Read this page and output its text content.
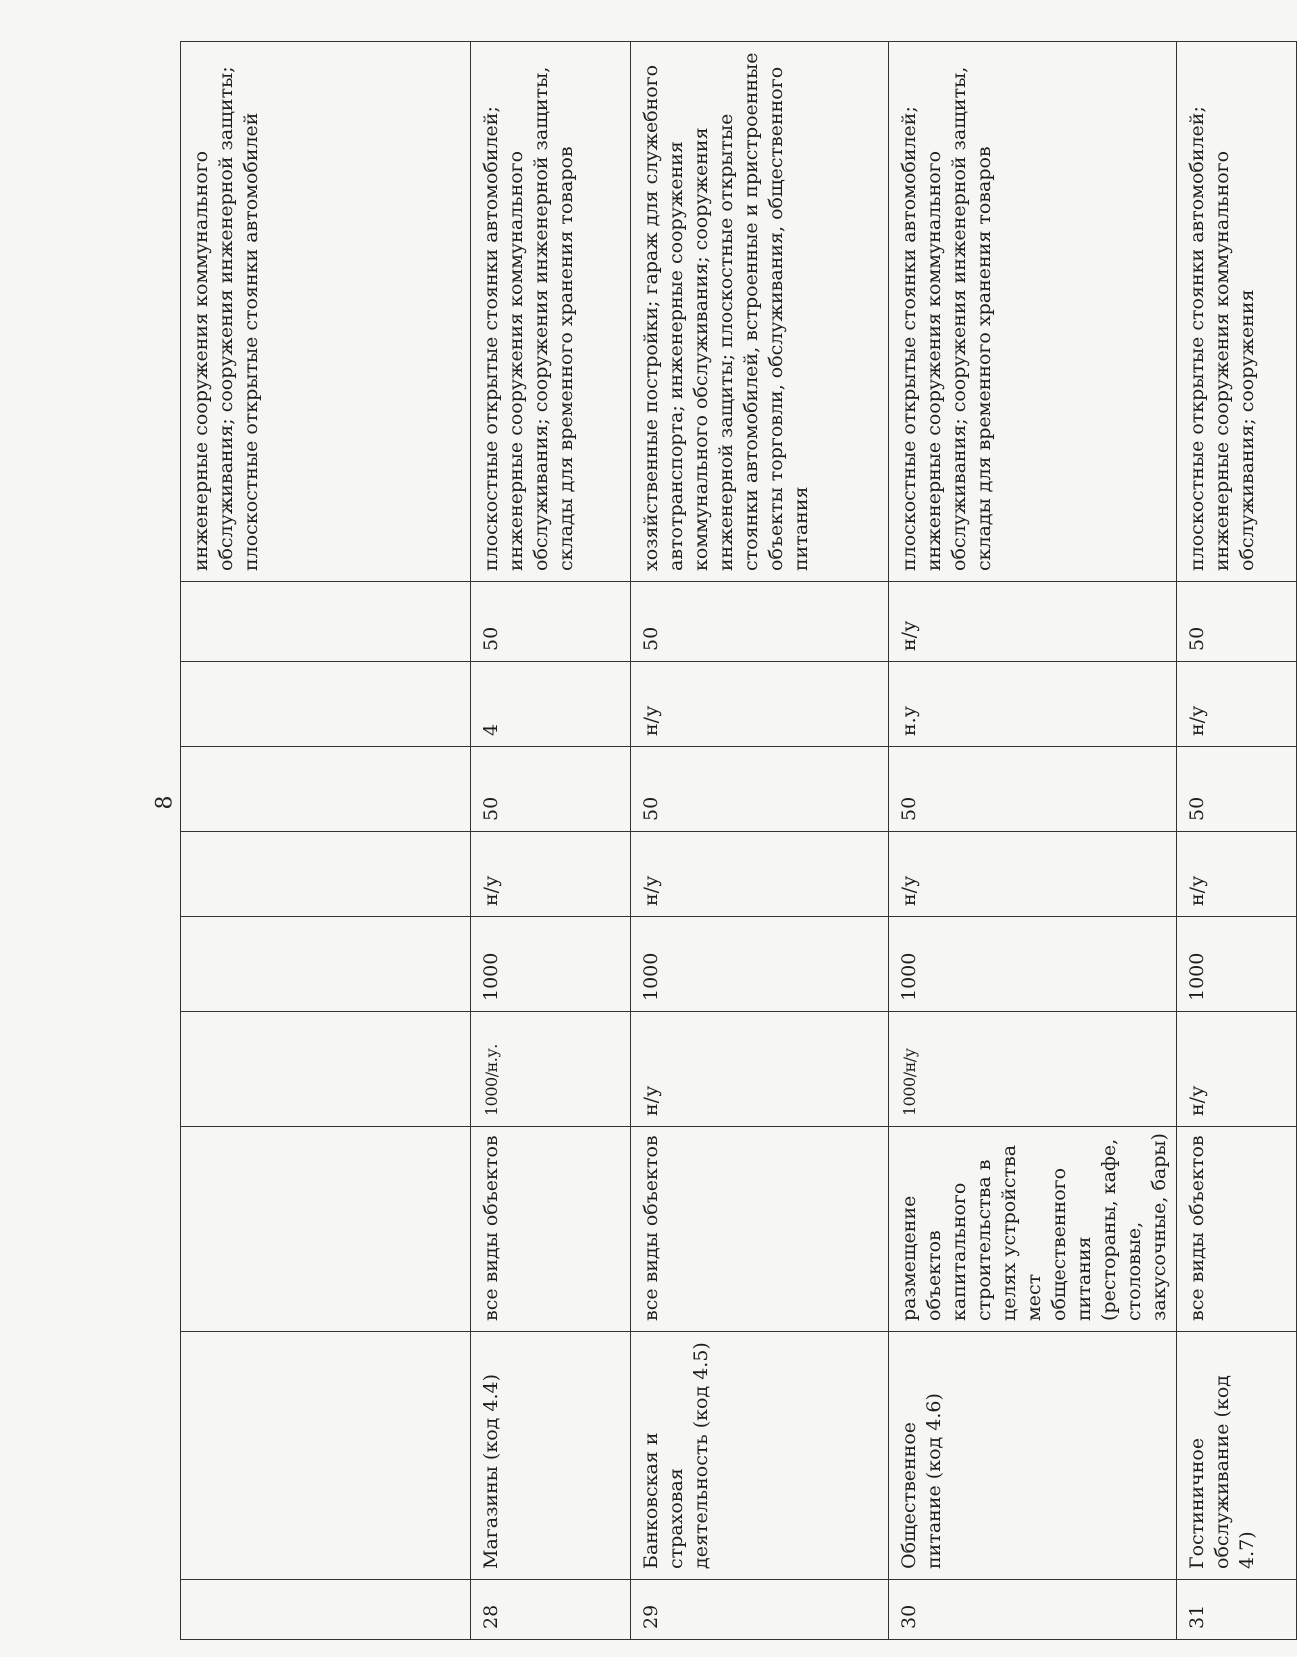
8
									инженерные сооружения коммунального обслуживания; сооружения инженерной защиты; плоскостные открытые стоянки автомобилей
28	Магазины (код 4.4)	все виды объектов	1000/н.у.	1000	н/у	50	4	50	плоскостные открытые стоянки автомобилей; инженерные сооружения коммунального обслуживания; сооружения инженерной защиты, склады для временного хранения товаров
29	Банковская и страховая деятельность (код 4.5)	все виды объектов	н/у	1000	н/у	50	н/у	50	хозяйственные постройки; гараж для служебного автотранспорта; инженерные сооружения коммунального обслуживания; сооружения инженерной защиты; плоскостные открытые стоянки автомобилей, встроенные и пристроенные объекты торговли, обслуживания, общественного питания
30	Общественное питание (код 4.6)	размещение объектов капитального строительства в целях устройства мест общественного питания (рестораны, кафе, столовые, закусочные, бары)	1000/н/у	1000	н/у	50	н.у	н/у	плоскостные открытые стоянки автомобилей; инженерные сооружения коммунального обслуживания; сооружения инженерной защиты, склады для временного хранения товаров
31	Гостиничное обслуживание (код 4.7)	все виды объектов	н/у	1000	н/у	50	н/у	50	плоскостные открытые стоянки автомобилей; инженерные сооружения коммунального обслуживания; сооружения
